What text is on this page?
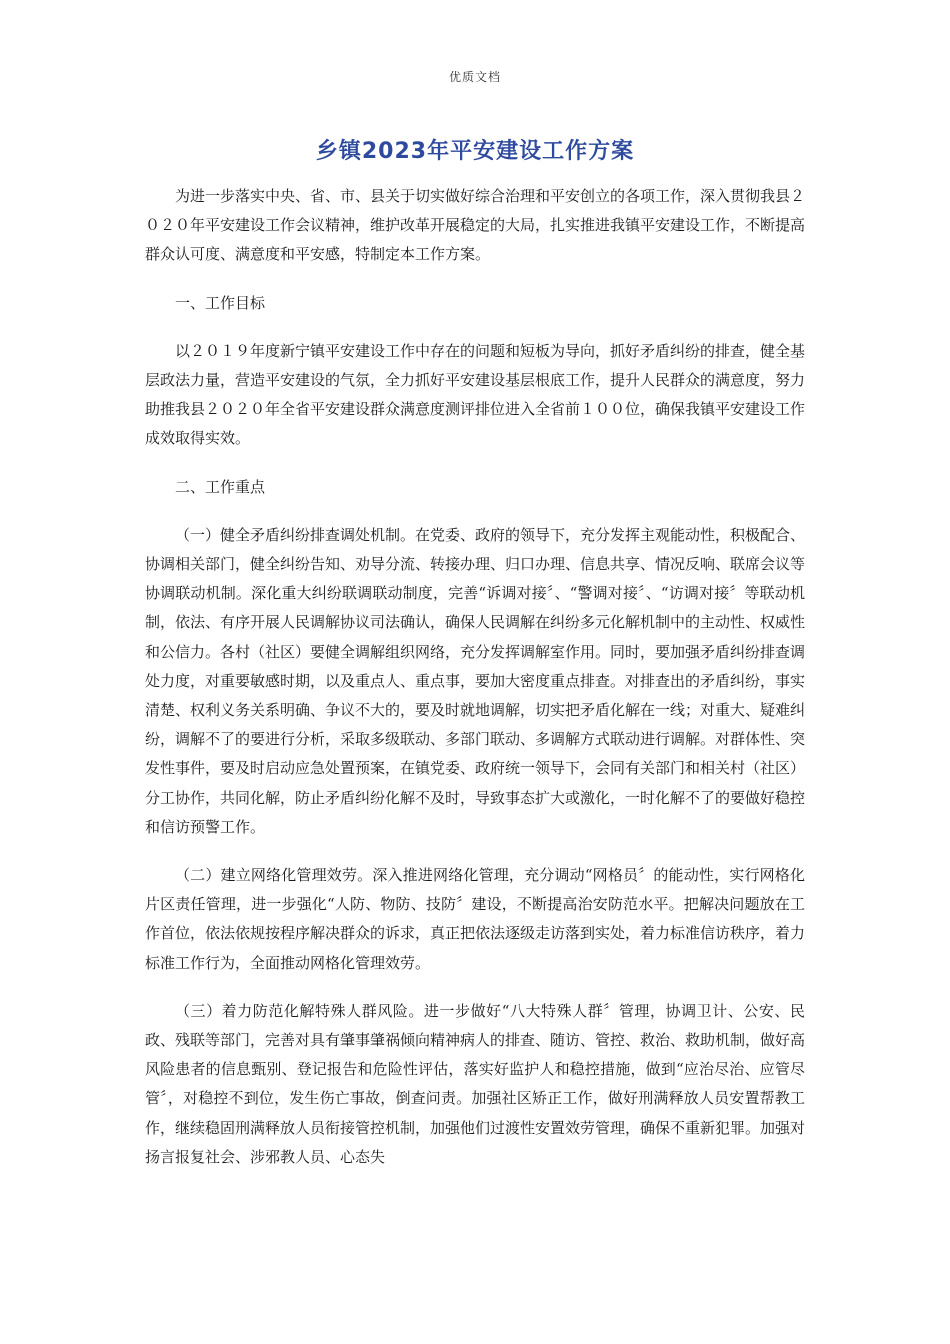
优质文档
乡镇2023年平安建设工作方案

为进一步落实中央、省、市、县关于切实做好综合治理和平安创立的各项工作，深入贯彻我县２０２０年平安建设工作会议精神，维护改革开展稳定的大局，扎实推进我镇平安建设工作，不断提高群众认可度、满意度和平安感，特制定本工作方案。

一、工作目标

以２０１９年度新宁镇平安建设工作中存在的问题和短板为导向，抓好矛盾纠纷的排查，健全基层政法力量，营造平安建设的气氛，全力抓好平安建设基层根底工作，提升人民群众的满意度，努力助推我县２０２０年全省平安建设群众满意度测评排位进入全省前１００位，确保我镇平安建设工作成效取得实效。

二、工作重点

（一）健全矛盾纠纷排查调处机制。在党委、政府的领导下，充分发挥主观能动性，积极配合、协调相关部门，健全纠纷告知、劝导分流、转接办理、归口办理、信息共享、情况反响、联席会议等协调联动机制。深化重大纠纷联调联动制度，完善“诉调对接〞、“警调对接〞、“访调对接〞等联动机制，依法、有序开展人民调解协议司法确认，确保人民调解在纠纷多元化解机制中的主动性、权威性和公信力。各村（社区）要健全调解组织网络，充分发挥调解室作用。同时，要加强矛盾纠纷排查调处力度，对重要敏感时期，以及重点人、重点事，要加大密度重点排查。对排查出的矛盾纠纷，事实清楚、权利义务关系明确、争议不大的，要及时就地调解，切实把矛盾化解在一线；对重大、疑难纠纷，调解不了的要进行分析，采取多级联动、多部门联动、多调解方式联动进行调解。对群体性、突发性事件，要及时启动应急处置预案，在镇党委、政府统一领导下，会同有关部门和相关村（社区）分工协作，共同化解，防止矛盾纠纷化解不及时，导致事态扩大或激化，一时化解不了的要做好稳控和信访预警工作。

（二）建立网络化管理效劳。深入推进网络化管理，充分调动“网格员〞的能动性，实行网格化片区责任管理，进一步强化“人防、物防、技防〞建设，不断提高治安防范水平。把解决问题放在工作首位，依法依规按程序解决群众的诉求，真正把依法逐级走访落到实处，着力标准信访秩序，着力标准工作行为，全面推动网格化管理效劳。

（三）着力防范化解特殊人群风险。进一步做好“八大特殊人群〞管理，协调卫计、公安、民政、残联等部门，完善对具有肇事肇祸倾向精神病人的排查、随访、管控、救治、救助机制，做好高风险患者的信息甄别、登记报告和危险性评估，落实好监护人和稳控措施，做到“应治尽治、应管尽管〞，对稳控不到位，发生伤亡事故，倒查问责。加强社区矫正工作，做好刑满释放人员安置帮教工作，继续稳固刑满释放人员衔接管控机制，加强他们过渡性安置效劳管理，确保不重新犯罪。加强对扬言报复社会、涉邪教人员、心态失
